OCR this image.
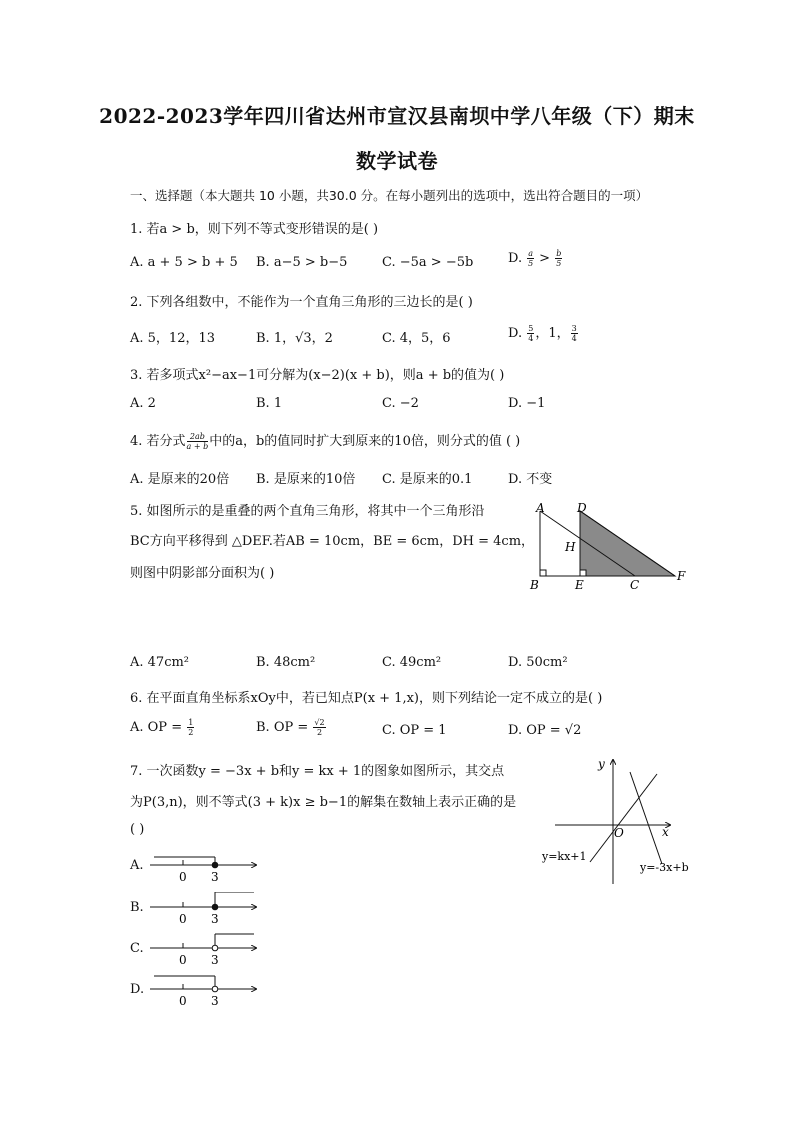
2022-2023学年四川省达州市宣汉县南坝中学八年级（下）期末
数学试卷
一、选择题（本大题共 10 小题，共30.0 分。在每小题列出的选项中，选出符合题目的一项）
1. 若a > b，则下列不等式变形错误的是( )
A. a + 5 > b + 5 B. a−5 > b−5	C. −5a > −5b	D. $\frac{a}{5} > \frac{b}{5}$
2. 下列各组数中，不能作为一个直角三角形的三边长的是( )
A. 5，12，13	B. 1，√3，2	C. 4，5，6	D. $\frac{5}{4}$ ，1， $\frac{3}{4}$
3. 若多项式x²−ax−1可分解为(x−2)(x + b)，则a + b的值为( )
A. 2	B. 1	C. −2	D. −1
4. 若分式 $\frac{2ab}{a + b}$ 中的a，b的值同时扩大到原来的10倍，则分式的值 ( )
A. 是原来的20倍 B. 是原来的10倍 C. 是原来的0.1	D. 不变
5. 如图所示的是重叠的两个直角三角形，将其中一个三角形沿
BC方向平移得到 △DEF.若AB = 10cm，BE = 6cm，DH = 4cm，
则图中阴影部分面积为( )
A	D
H
B	E	C
F
A. 47cm²	B. 48cm²	C. 49cm²	D. 50cm²
6. 在平面直角坐标系xOy中，若已知点P(x + 1,x)，则下列结论一定不成立的是( )
A. OP = $\frac{1}{2}$	B. OP = $\frac{√2}{2}$	C. OP = 1	D. OP = √2
7. 一次函数y = −3x + b和y = kx + 1的图象如图所示，其交点
为P(3,n)，则不等式(3 + k)x ≥ b−1的解集在数轴上表示正确的是
( )
y
x
O
y=kx+1
y=-3x+b
A.
0 3
B.
0 3
C.
0 3
D.
0 3
